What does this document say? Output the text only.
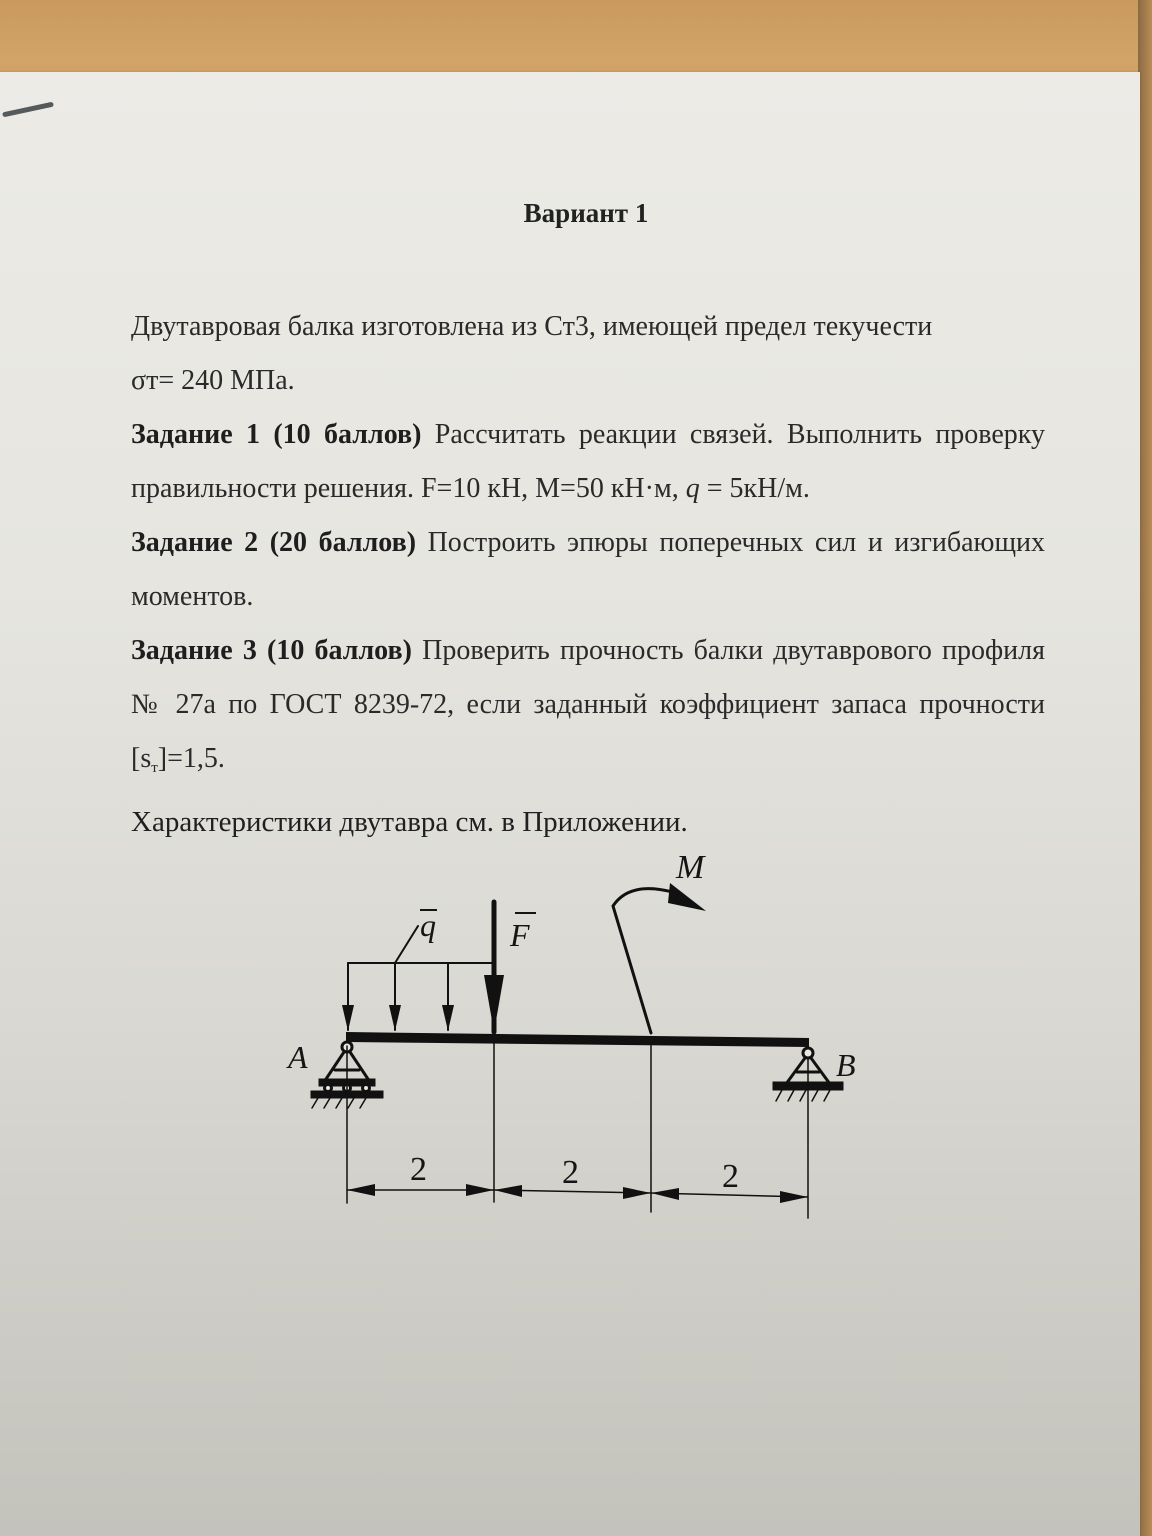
Вариант 1

Двутавровая балка изготовлена из Ст3, имеющей предел текучести
σт= 240 МПа.

Задание 1 (10 баллов) Рассчитать реакции связей. Выполнить проверку правильности решения. F=10 кН, М=50 кН·м, q = 5кН/м.

Задание 2 (20 баллов) Построить эпюры поперечных сил и изгибающих моментов.

Задание 3 (10 баллов) Проверить прочность балки двутаврового профиля № 27а по ГОСТ 8239-72, если заданный коэффициент запаса прочности $[s_т]=1,5$.

Характеристики двутавра см. в Приложении.

A	B
q F
M
2	2	2
